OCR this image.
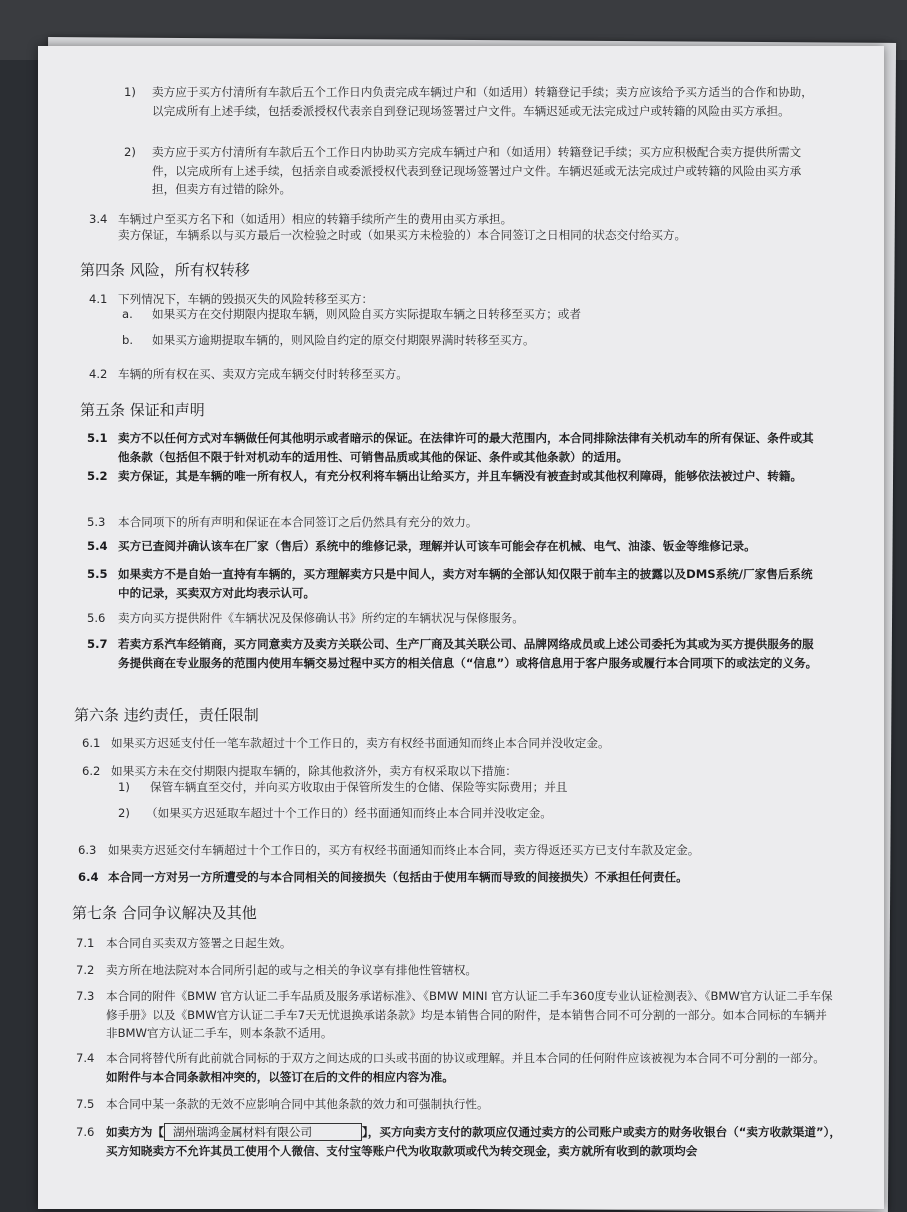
1) 卖方应于买方付清所有车款后五个工作日内负责完成车辆过户和（如适用）转籍登记手续；卖方应该给予买方适当的合作和协助，以完成所有上述手续，包括委派授权代表亲自到登记现场签署过户文件。车辆迟延或无法完成过户或转籍的风险由买方承担。
2) 卖方应于买方付清所有车款后五个工作日内协助买方完成车辆过户和（如适用）转籍登记手续；买方应积极配合卖方提供所需文件，以完成所有上述手续，包括亲自或委派授权代表到登记现场签署过户文件。车辆迟延或无法完成过户或转籍的风险由买方承担，但卖方有过错的除外。
3.4 车辆过户至买方名下和（如适用）相应的转籍手续所产生的费用由买方承担。
卖方保证，车辆系以与买方最后一次检验之时或（如果买方未检验的）本合同签订之日相同的状态交付给买方。
第四条 风险，所有权转移
4.1 下列情况下，车辆的毁损灭失的风险转移至买方：
a. 如果买方在交付期限内提取车辆，则风险自买方实际提取车辆之日转移至买方；或者
b. 如果买方逾期提取车辆的，则风险自约定的原交付期限界满时转移至买方。
4.2 车辆的所有权在买、卖双方完成车辆交付时转移至买方。
第五条 保证和声明
5.1 卖方不以任何方式对车辆做任何其他明示或者暗示的保证。在法律许可的最大范围内，本合同排除法律有关机动车的所有保证、条件或其他条款（包括但不限于针对机动车的适用性、可销售品质或其他的保证、条件或其他条款）的适用。
5.2 卖方保证，其是车辆的唯一所有权人，有充分权利将车辆出让给买方，并且车辆没有被查封或其他权利障碍，能够依法被过户、转籍。
5.3 本合同项下的所有声明和保证在本合同签订之后仍然具有充分的效力。
5.4 买方已查阅并确认该车在厂家（售后）系统中的维修记录，理解并认可该车可能会存在机械、电气、油漆、钣金等维修记录。
5.5 如果卖方不是自始一直持有车辆的，买方理解卖方只是中间人，卖方对车辆的全部认知仅限于前车主的披露以及DMS系统/厂家售后系统中的记录，买卖双方对此均表示认可。
5.6 卖方向买方提供附件《车辆状况及保修确认书》所约定的车辆状况与保修服务。
5.7 若卖方系汽车经销商，买方同意卖方及卖方关联公司、生产厂商及其关联公司、品牌网络成员或上述公司委托为其或为买方提供服务的服务提供商在专业服务的范围内使用车辆交易过程中买方的相关信息（“信息”）或将信息用于客户服务或履行本合同项下的或法定的义务。
第六条 违约责任，责任限制
6.1 如果买方迟延支付任一笔车款超过十个工作日的，卖方有权经书面通知而终止本合同并没收定金。
6.2 如果买方未在交付期限内提取车辆的，除其他救济外，卖方有权采取以下措施：
1) 保管车辆直至交付，并向买方收取由于保管所发生的仓储、保险等实际费用；并且
2) （如果买方迟延取车超过十个工作日的）经书面通知而终止本合同并没收定金。
6.3 如果卖方迟延交付车辆超过十个工作日的，买方有权经书面通知而终止本合同，卖方得返还买方已支付车款及定金。
6.4 本合同一方对另一方所遭受的与本合同相关的间接损失（包括由于使用车辆而导致的间接损失）不承担任何责任。
第七条 合同争议解决及其他
7.1 本合同自买卖双方签署之日起生效。
7.2 卖方所在地法院对本合同所引起的或与之相关的争议享有排他性管辖权。
7.3 本合同的附件《BMW 官方认证二手车品质及服务承诺标准》、《BMW MINI 官方认证二手车360度专业认证检测表》、《BMW官方认证二手车保修手册》以及《BMW官方认证二手车7天无忧退换承诺条款》均是本销售合同的附件，是本销售合同不可分割的一部分。如本合同标的车辆并非BMW官方认证二手车，则本条款不适用。
7.4 本合同将替代所有此前就合同标的于双方之间达成的口头或书面的协议或理解。并且本合同的任何附件应该被视为本合同不可分割的一部分。如附件与本合同条款相冲突的，以签订在后的文件的相应内容为准。
7.5 本合同中某一条款的无效不应影响合同中其他条款的效力和可强制执行性。
7.6 如卖方为【 湖州瑞鸿金属材料有限公司	】，买方向卖方支付的款项应仅通过卖方的公司账户或卖方的财务收银台（“卖方收款渠道”），买方知晓卖方不允许其员工使用个人微信、支付宝等账户代为收取款项或代为转交现金，卖方就所有收到的款项均会
